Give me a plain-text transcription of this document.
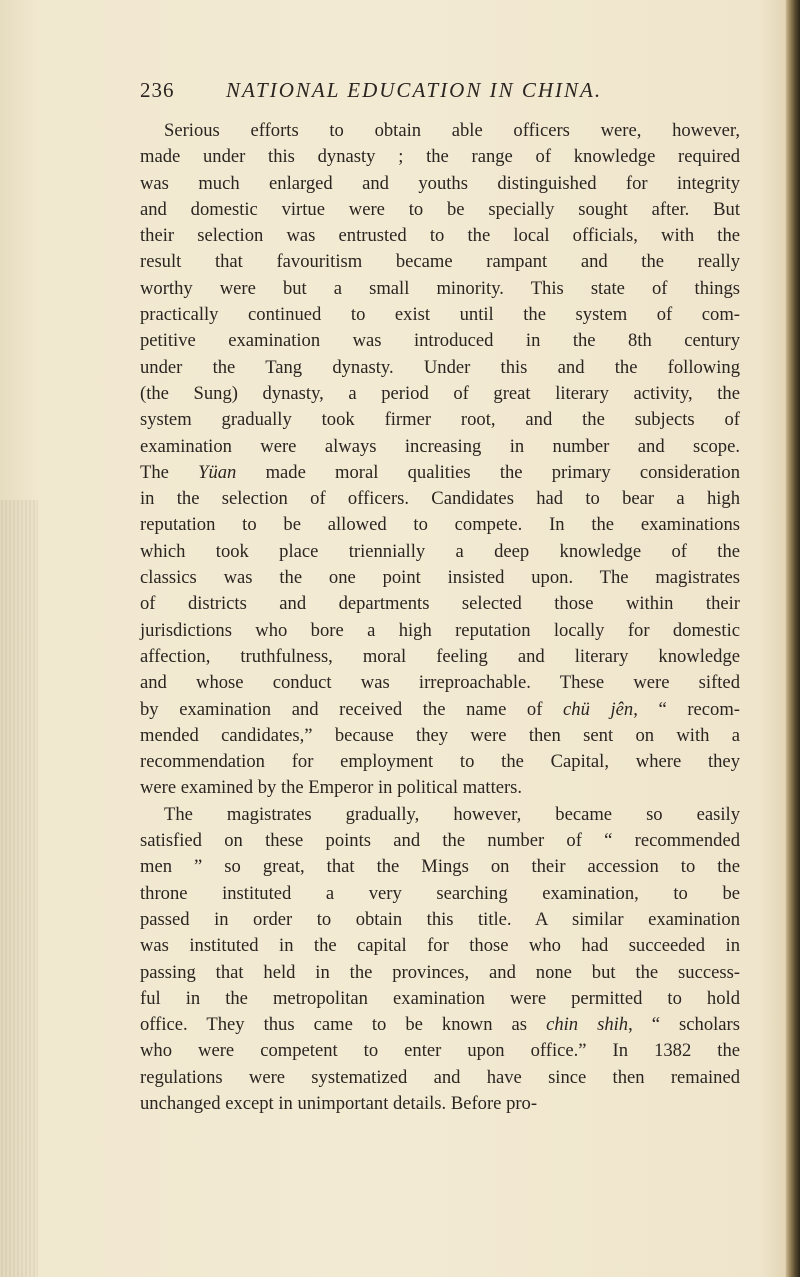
236 NATIONAL EDUCATION IN CHINA.
Serious efforts to obtain able officers were, however,
made under this dynasty ; the range of knowledge required
was much enlarged and youths distinguished for integrity
and domestic virtue were to be specially sought after. But
their selection was entrusted to the local officials, with the
result that favouritism became rampant and the really
worthy were but a small minority. This state of things
practically continued to exist until the system of com-
petitive examination was introduced in the 8th century
under the Tang dynasty. Under this and the following
(the Sung) dynasty, a period of great literary activity, the
system gradually took firmer root, and the subjects of
examination were always increasing in number and scope.
The Yüan made moral qualities the primary consideration
in the selection of officers. Candidates had to bear a high
reputation to be allowed to compete. In the examinations
which took place triennially a deep knowledge of the
classics was the one point insisted upon. The magistrates
of districts and departments selected those within their
jurisdictions who bore a high reputation locally for domestic
affection, truthfulness, moral feeling and literary knowledge
and whose conduct was irreproachable. These were sifted
by examination and received the name of chü jên, “ recom-
mended candidates,” because they were then sent on with a
recommendation for employment to the Capital, where they
were examined by the Emperor in political matters.
The magistrates gradually, however, became so easily
satisfied on these points and the number of “ recommended
men ” so great, that the Mings on their accession to the
throne instituted a very searching examination, to be
passed in order to obtain this title. A similar examination
was instituted in the capital for those who had succeeded in
passing that held in the provinces, and none but the success-
ful in the metropolitan examination were permitted to hold
office. They thus came to be known as chin shih, “ scholars
who were competent to enter upon office.” In 1382 the
regulations were systematized and have since then remained
unchanged except in unimportant details. Before pro-
